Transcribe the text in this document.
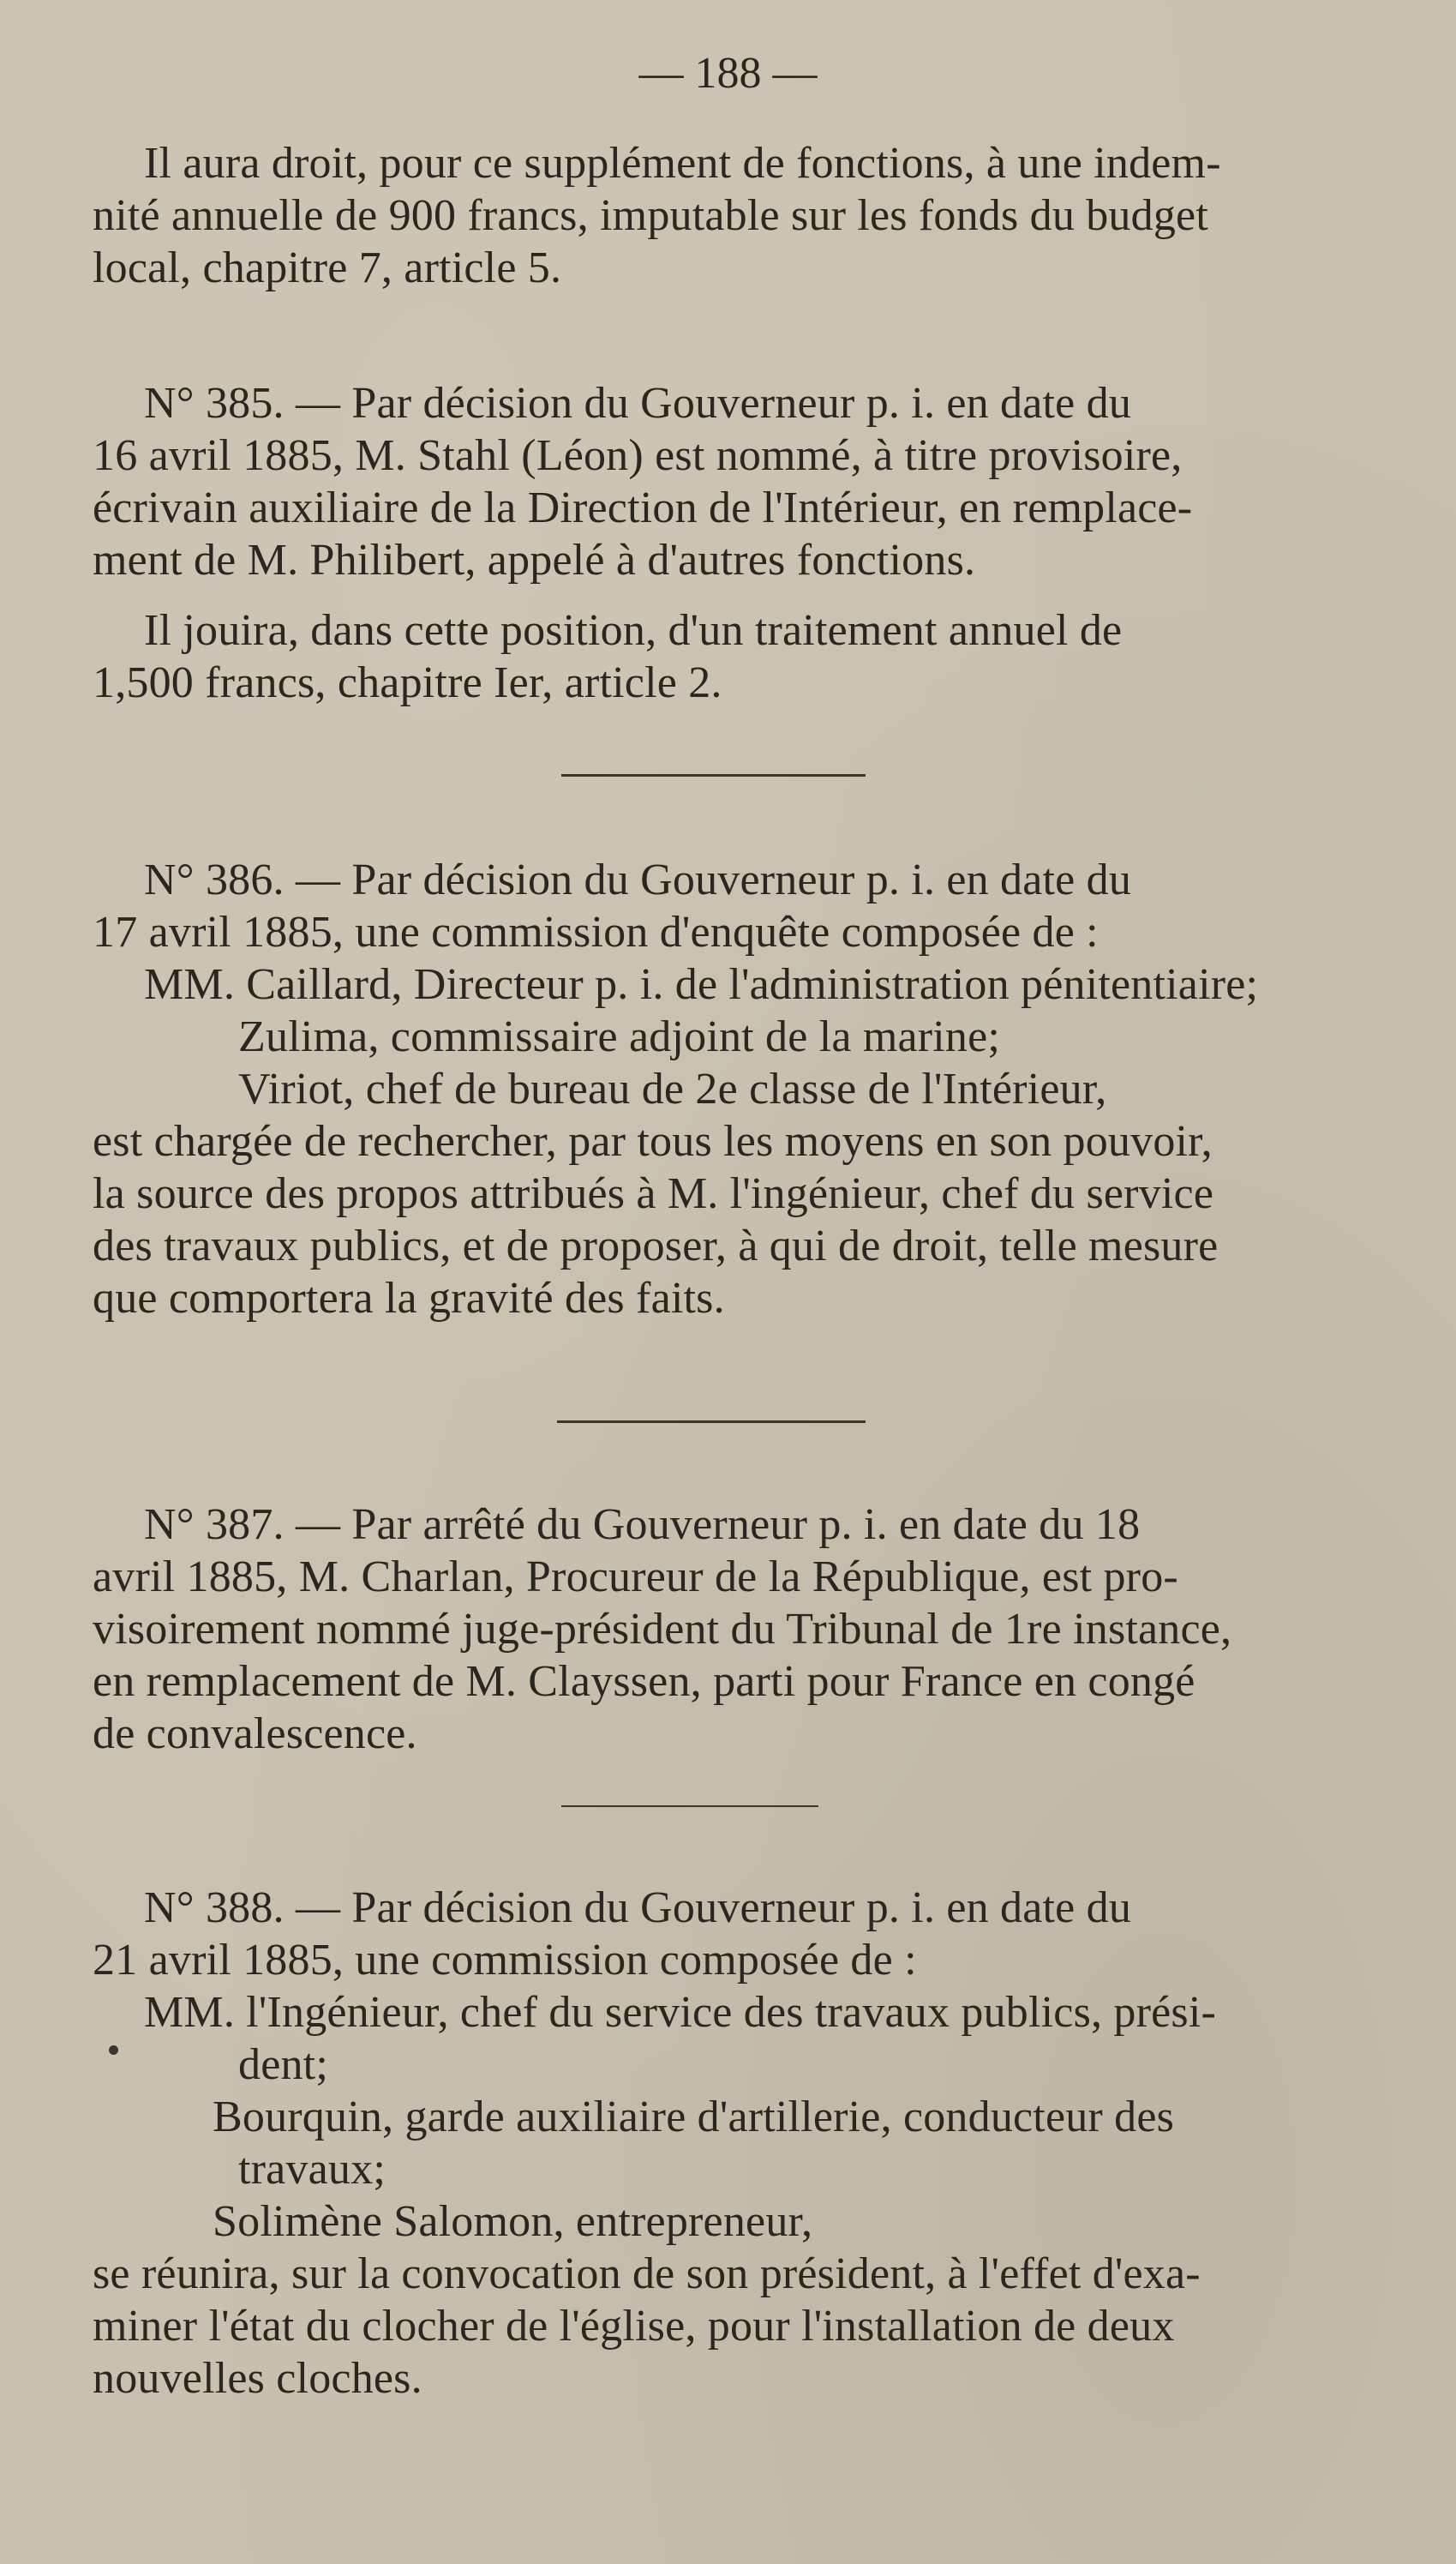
— 188 —
Il aura droit, pour ce supplément de fonctions, à une indem-
nité annuelle de 900 francs, imputable sur les fonds du budget
local, chapitre 7, article 5.
N° 385. — Par décision du Gouverneur p. i. en date du
16 avril 1885, M. Stahl (Léon) est nommé, à titre provisoire,
écrivain auxiliaire de la Direction de l'Intérieur, en remplace-
ment de M. Philibert, appelé à d'autres fonctions.
Il jouira, dans cette position, d'un traitement annuel de
1,500 francs, chapitre Ier, article 2.
N° 386. — Par décision du Gouverneur p. i. en date du
17 avril 1885, une commission d'enquête composée de :
MM. Caillard, Directeur p. i. de l'administration pénitentiaire;
Zulima, commissaire adjoint de la marine;
Viriot, chef de bureau de 2e classe de l'Intérieur,
est chargée de rechercher, par tous les moyens en son pouvoir,
la source des propos attribués à M. l'ingénieur, chef du service
des travaux publics, et de proposer, à qui de droit, telle mesure
que comportera la gravité des faits.
N° 387. — Par arrêté du Gouverneur p. i. en date du 18
avril 1885, M. Charlan, Procureur de la République, est pro-
visoirement nommé juge-président du Tribunal de 1re instance,
en remplacement de M. Clayssen, parti pour France en congé
de convalescence.
N° 388. — Par décision du Gouverneur p. i. en date du
21 avril 1885, une commission composée de :
MM. l'Ingénieur, chef du service des travaux publics, prési-
dent;
Bourquin, garde auxiliaire d'artillerie, conducteur des
travaux;
Solimène Salomon, entrepreneur,
se réunira, sur la convocation de son président, à l'effet d'exa-
miner l'état du clocher de l'église, pour l'installation de deux
nouvelles cloches.
